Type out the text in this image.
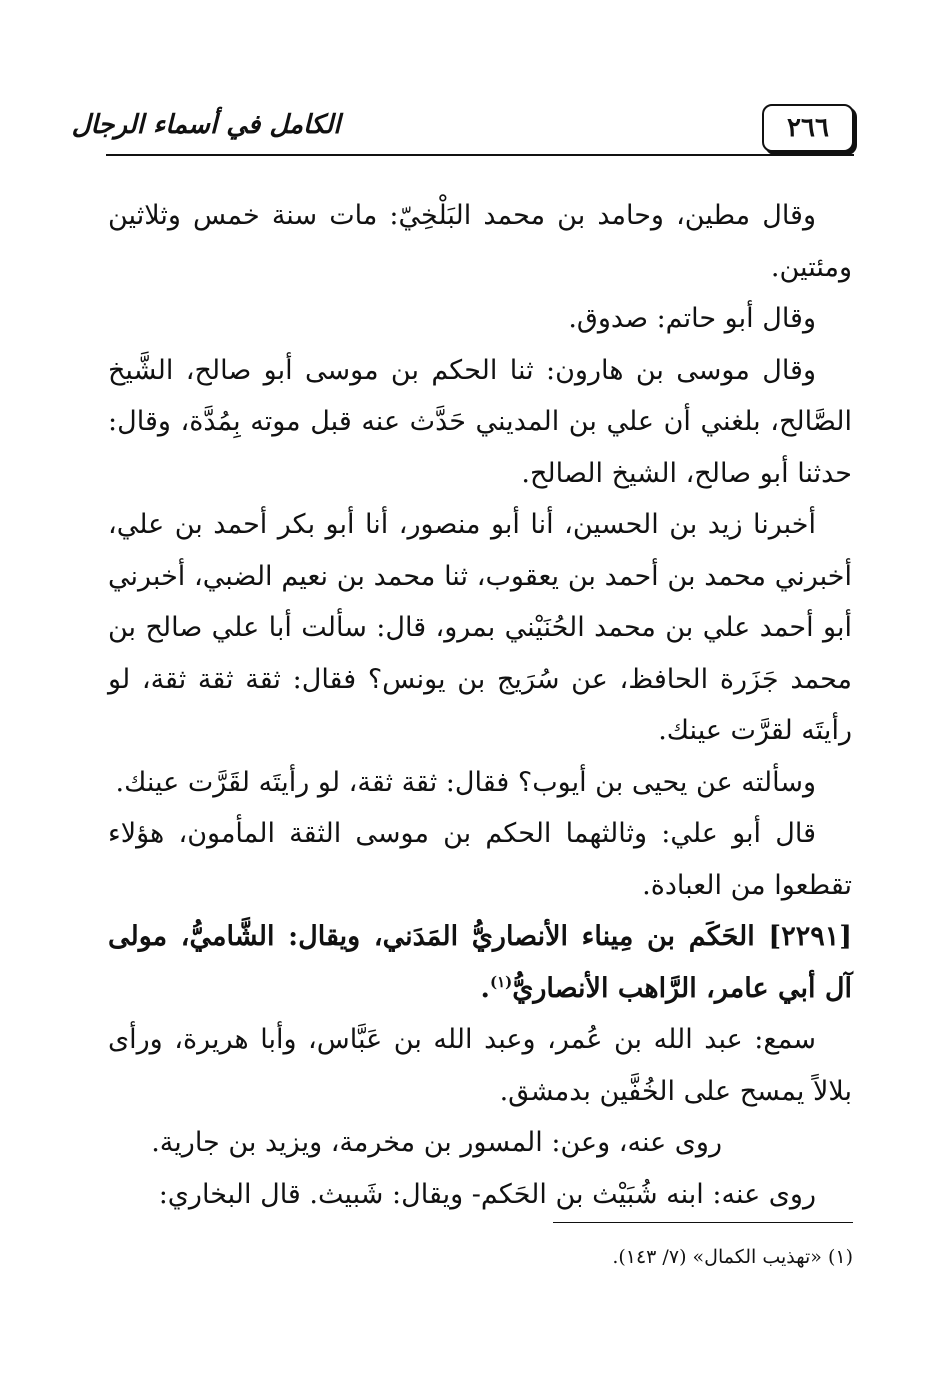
٢٦٦
الكامل في أسماء الرجال

وقال مطين، وحامد بن محمد البَلْخِيّ: مات سنة خمس وثلاثين ومئتين.

وقال أبو حاتم: صدوق.

وقال موسى بن هارون: ثنا الحكم بن موسى أبو صالح، الشَّيخ الصَّالح، بلغني أن علي بن المديني حَدَّث عنه قبل موته بِمُدَّة، وقال: حدثنا أبو صالح، الشيخ الصالح.

أخبرنا زيد بن الحسين، أنا أبو منصور، أنا أبو بكر أحمد بن علي، أخبرني محمد بن أحمد بن يعقوب، ثنا محمد بن نعيم الضبي، أخبرني أبو أحمد علي بن محمد الحُنَيْني بمرو، قال: سألت أبا علي صالح بن محمد جَزَرة الحافظ، عن سُرَيج بن يونس؟ فقال: ثقة ثقة ثقة، لو رأيتَه لقرَّت عينك.

وسألته عن يحيى بن أيوب؟ فقال: ثقة ثقة، لو رأيتَه لقَرَّت عينك.

قال أبو علي: وثالثهما الحكم بن موسى الثقة المأمون، هؤلاء تقطعوا من العبادة.

[٢٢٩١] الحَكَم بن مِيناء الأنصاريُّ المَدَني، ويقال: الشَّاميُّ، مولى آل أبي عامر، الرَّاهب الأنصاريُّ$^{(١)}$.

سمع: عبد الله بن عُمر، وعبد الله بن عَبَّاس، وأبا هريرة، ورأى بلالاً يمسح على الخُفَّين بدمشق.

روى عنه، وعن: المسور بن مخرمة، ويزيد بن جارية.

روى عنه: ابنه شُبَيْث بن الحَكم- ويقال: شَبيث. قال البخاري:

(١) «تهذيب الكمال» (٧/ ١٤٣).
